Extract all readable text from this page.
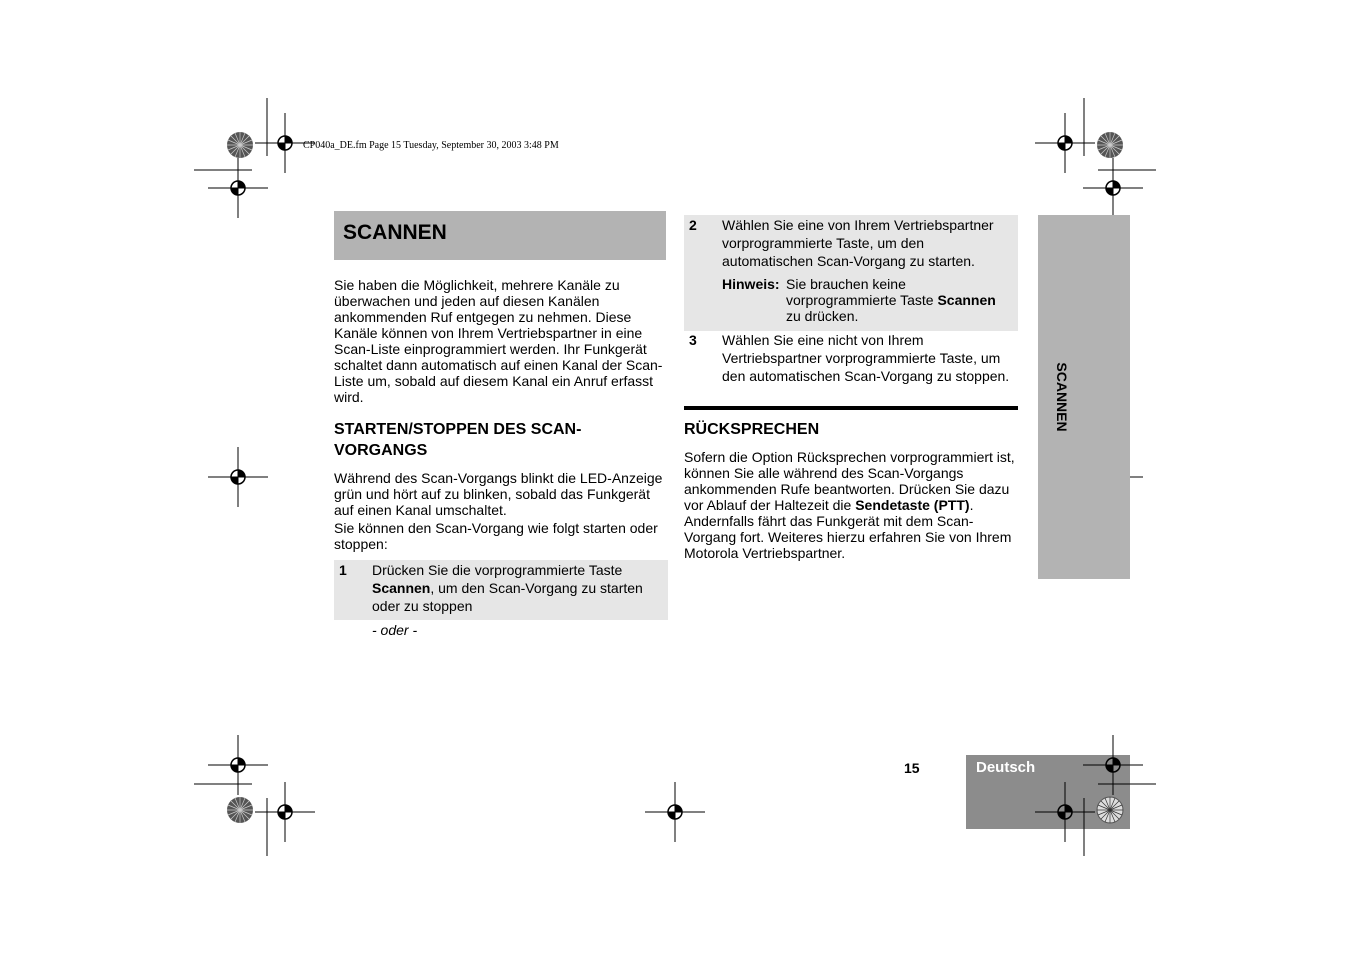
CP040a_DE.fm Page 15 Tuesday, September 30, 2003 3:48 PM
SCANNEN
Sie haben die Möglichkeit, mehrere Kanäle zu überwachen und jeden auf diesen Kanälen ankommenden Ruf entgegen zu nehmen. Diese Kanäle können von Ihrem Vertriebspartner in eine Scan-Liste einprogrammiert werden. Ihr Funkgerät schaltet dann automatisch auf einen Kanal der Scan-Liste um, sobald auf diesem Kanal ein Anruf erfasst wird.
STARTEN/STOPPEN DES SCAN-
VORGANGS
Während des Scan-Vorgangs blinkt die LED-Anzeige grün und hört auf zu blinken, sobald das Funkgerät auf einen Kanal umschaltet.
Sie können den Scan-Vorgang wie folgt starten oder stoppen:
1 Drücken Sie die vorprogrammierte Taste Scannen, um den Scan-Vorgang zu starten oder zu stoppen
- oder -
2 Wählen Sie eine von Ihrem Vertriebspartner vorprogrammierte Taste, um den automatischen Scan-Vorgang zu starten.
Hinweis: Sie brauchen keine vorprogrammierte Taste Scannen zu drücken.
3 Wählen Sie eine nicht von Ihrem Vertriebspartner vorprogrammierte Taste, um den automatischen Scan-Vorgang zu stoppen.
RÜCKSPRECHEN
Sofern die Option Rücksprechen vorprogrammiert ist, können Sie alle während des Scan-Vorgangs ankommenden Rufe beantworten. Drücken Sie dazu vor Ablauf der Haltezeit die Sendetaste (PTT). Andernfalls fährt das Funkgerät mit dem Scan-Vorgang fort. Weiteres hierzu erfahren Sie von Ihrem Motorola Vertriebspartner.
SCANNEN
15	Deutsch
